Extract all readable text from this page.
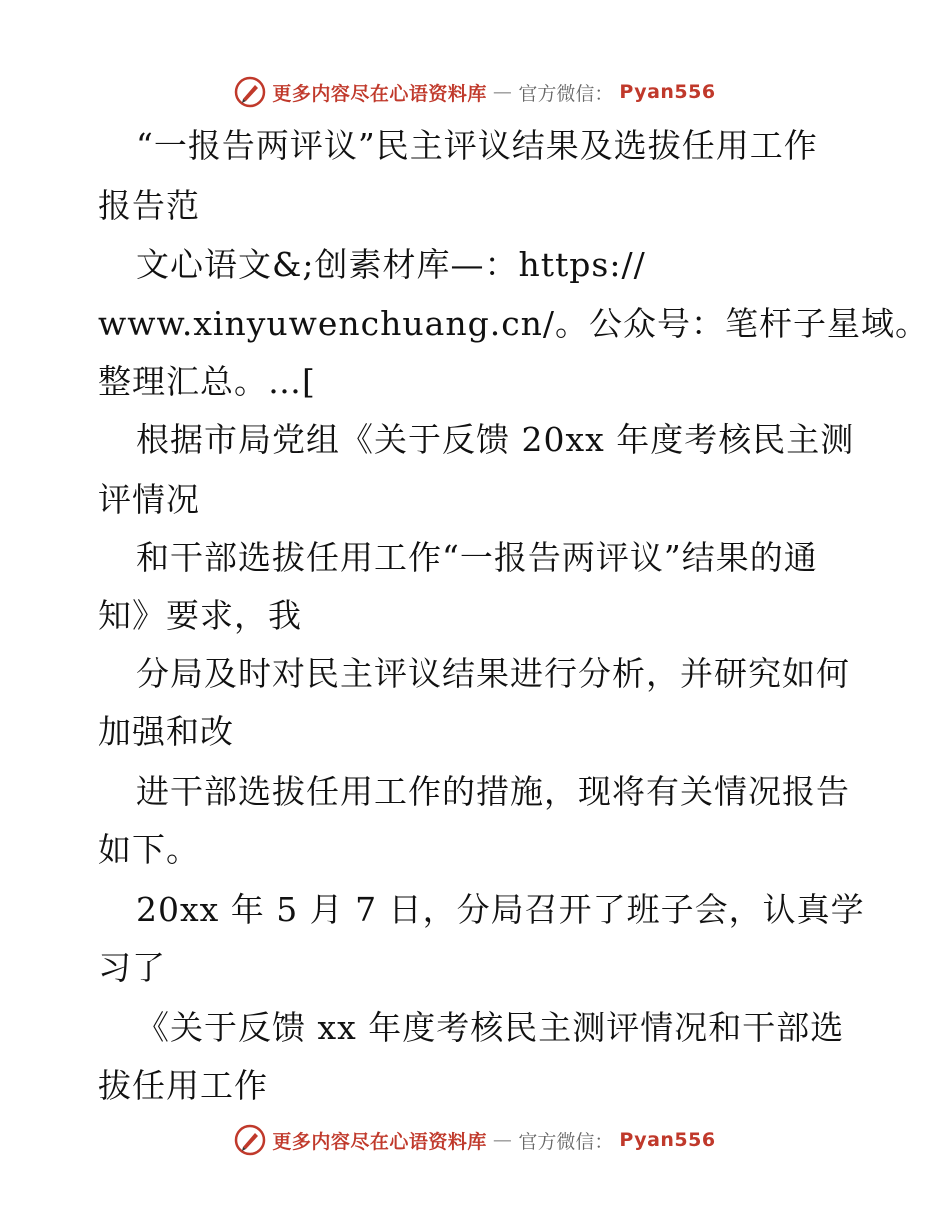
更多内容尽在心语资料库 — 官方微信： Pyan556
“一报告两评议”民主评议结果及选拔任用工作
报告范
文心语文&;创素材库—：https://
www.xinyuwenchuang.cn/。公众号：笔杆子星域。
整理汇总。…[
根据市局党组《关于反馈 20xx 年度考核民主测
评情况
和干部选拔任用工作“一报告两评议”结果的通
知》要求，我
分局及时对民主评议结果进行分析，并研究如何
加强和改
进干部选拔任用工作的措施，现将有关情况报告
如下。
20xx 年 5 月 7 日，分局召开了班子会，认真学
习了
《关于反馈 xx 年度考核民主测评情况和干部选
拔任用工作
更多内容尽在心语资料库 — 官方微信： Pyan556
